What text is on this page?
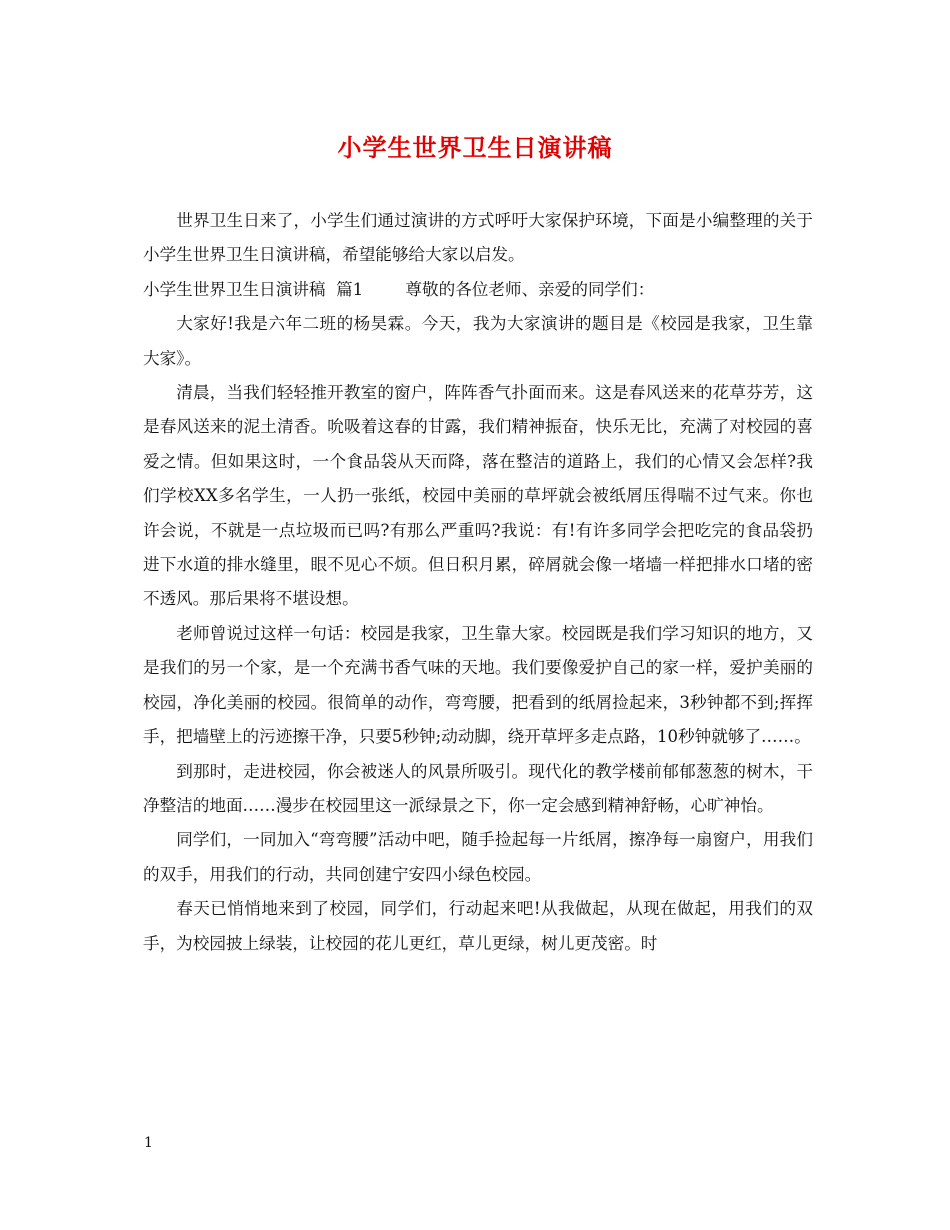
小学生世界卫生日演讲稿

世界卫生日来了，小学生们通过演讲的方式呼吁大家保护环境，下面是小编整理的关于小学生世界卫生日演讲稿，希望能够给大家以启发。

小学生世界卫生日演讲稿  篇1        尊敬的各位老师、亲爱的同学们：

大家好!我是六年二班的杨昊霖。今天，我为大家演讲的题目是《校园是我家，卫生靠大家》。

清晨，当我们轻轻推开教室的窗户，阵阵香气扑面而来。这是春风送来的花草芬芳，这是春风送来的泥土清香。吮吸着这春的甘露，我们精神振奋，快乐无比，充满了对校园的喜爱之情。但如果这时，一个食品袋从天而降，落在整洁的道路上，我们的心情又会怎样?我们学校XX多名学生，一人扔一张纸，校园中美丽的草坪就会被纸屑压得喘不过气来。你也许会说，不就是一点垃圾而已吗?有那么严重吗?我说：有!有许多同学会把吃完的食品袋扔进下水道的排水缝里，眼不见心不烦。但日积月累，碎屑就会像一堵墙一样把排水口堵的密不透风。那后果将不堪设想。

老师曾说过这样一句话：校园是我家，卫生靠大家。校园既是我们学习知识的地方，又是我们的另一个家，是一个充满书香气味的天地。我们要像爱护自己的家一样，爱护美丽的校园，净化美丽的校园。很简单的动作，弯弯腰，把看到的纸屑捡起来，3秒钟都不到;挥挥手，把墙壁上的污迹擦干净，只要5秒钟;动动脚，绕开草坪多走点路，10秒钟就够了……。

到那时，走进校园，你会被迷人的风景所吸引。现代化的教学楼前郁郁葱葱的树木，干净整洁的地面……漫步在校园里这一派绿景之下，你一定会感到精神舒畅，心旷神怡。

同学们，一同加入“弯弯腰”活动中吧，随手捡起每一片纸屑，擦净每一扇窗户，用我们的双手，用我们的行动，共同创建宁安四小绿色校园。

春天已悄悄地来到了校园，同学们，行动起来吧!从我做起，从现在做起，用我们的双手，为校园披上绿装，让校园的花儿更红，草儿更绿，树儿更茂密。时

1
